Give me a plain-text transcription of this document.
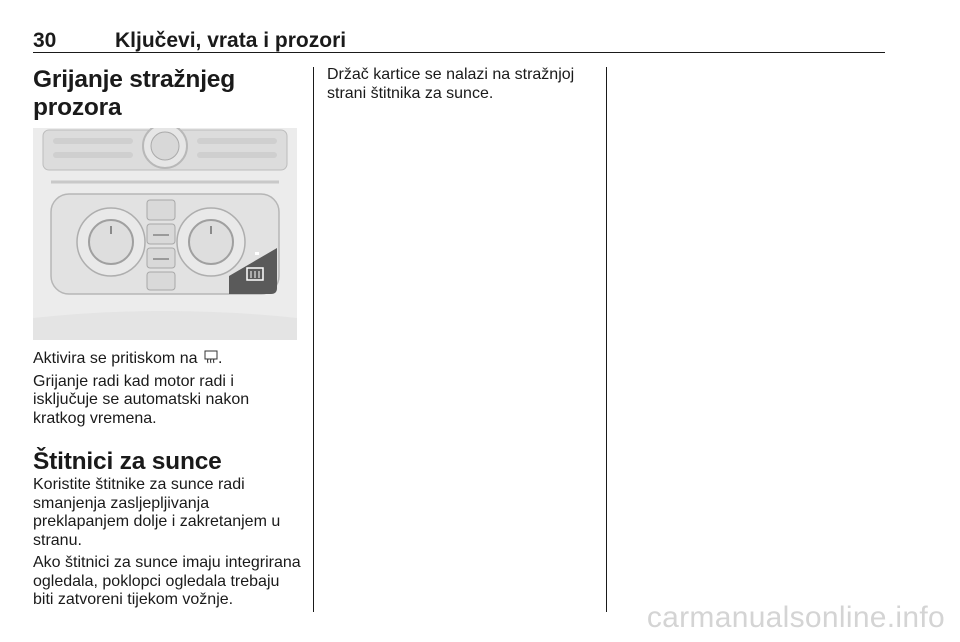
30	Ključevi, vrata i prozori
Grijanje stražnjeg prozora

Aktivira se pritiskom na .

Grijanje radi kad motor radi i isključuje se automatski nakon kratkog vremena.

Štitnici za sunce

Koristite štitnike za sunce radi smanjenja zasljepljivanja preklapanjem dolje i zakretanjem u stranu.

Ako štitnici za sunce imaju integrirana ogledala, poklopci ogledala trebaju biti zatvoreni tijekom vožnje.

Držač kartice se nalazi na stražnjoj strani štitnika za sunce.

carmanualsonline.info
